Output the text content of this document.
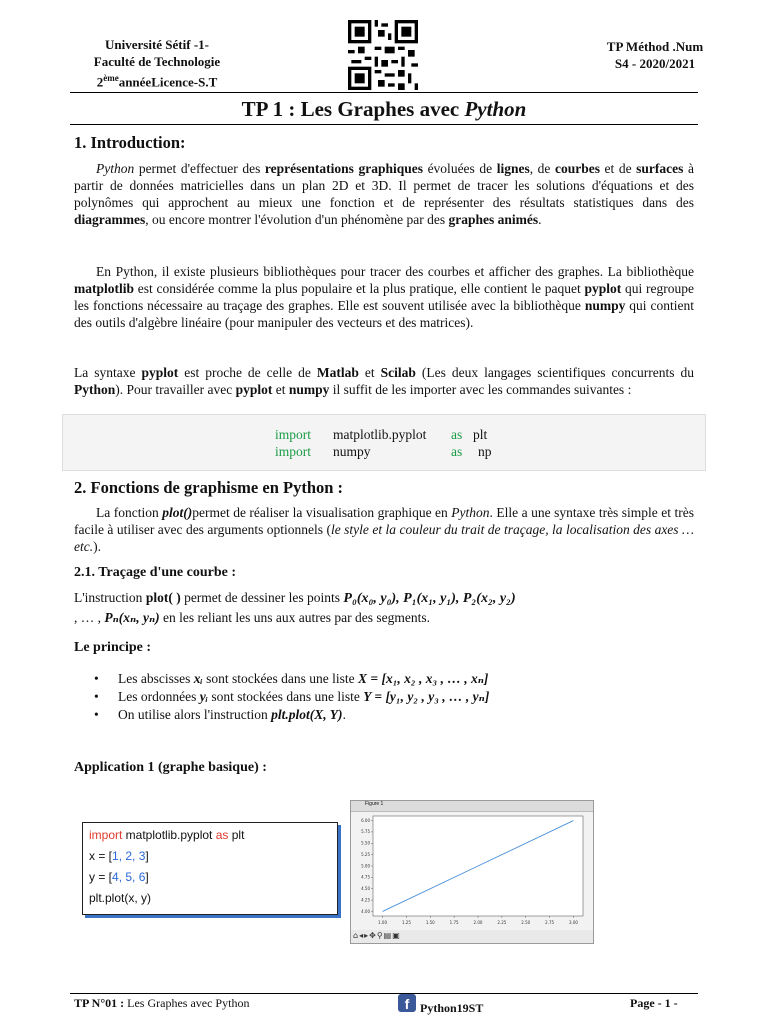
Université Sétif -1-
Faculté de Technologie
2èmeannéeLicence-S.T
TP Méthod .Num
S4 - 2020/2021
TP 1 : Les Graphes avec Python
1. Introduction:
Python permet d'effectuer des représentations graphiques évoluées de lignes, de courbes et de surfaces à partir de données matricielles dans un plan 2D et 3D. Il permet de tracer les solutions d'équations et des polynômes qui approchent au mieux une fonction et de représenter des résultats statistiques dans des diagrammes, ou encore montrer l'évolution d'un phénomène par des graphes animés.
En Python, il existe plusieurs bibliothèques pour tracer des courbes et afficher des graphes. La bibliothèque matplotlib est considérée comme la plus populaire et la plus pratique, elle contient le paquet pyplot qui regroupe les fonctions nécessaire au traçage des graphes. Elle est souvent utilisée avec la bibliothèque numpy qui contient des outils d'algèbre linéaire (pour manipuler des vecteurs et des matrices).
La syntaxe pyplot est proche de celle de Matlab et Scilab (Les deux langages scientifiques concurrents du Python). Pour travailler avec pyplot et numpy il suffit de les importer avec les commandes suivantes :
import matplotlib.pyplot	as plt
import numpy	as np
2. Fonctions de graphisme en Python :
La fonction plot()permet de réaliser la visualisation graphique en Python. Elle a une syntaxe très simple et très facile à utiliser avec des arguments optionnels (le style et la couleur du trait de traçage, la localisation des axes … etc.).
2.1. Traçage d'une courbe :
L'instruction plot( ) permet de dessiner les points P₀(x₀, y₀), P₁(x₁, y₁), P₂(x₂, y₂)
, … , Pₙ(xₙ, yₙ) en les reliant les uns aux autres par des segments.
Le principe :
• Les abscisses xᵢ sont stockées dans une liste X = [x₁, x₂ , x₃ , … , xₙ]
• Les ordonnées yᵢ sont stockées dans une liste Y = [y₁, y₂ , y₃ , … , yₙ]
• On utilise alors l'instruction plt.plot(X, Y).
Application 1 (graphe basique) :
import matplotlib.pyplot as plt
x = [1, 2, 3]
y = [4, 5, 6]
plt.plot(x, y)
Figure 1
1.00	1.25	1.50	1.75	2.00	2.25	2.50	2.75	3.00
4.00
4.25
4.50
4.75
5.00
5.25
5.50
5.75
6.00
⌂ ◂ ▸ ✥ ⚲ ▤ ▣
TP N°01 : Les Graphes avec Python	f Python19ST	Page - 1 -
